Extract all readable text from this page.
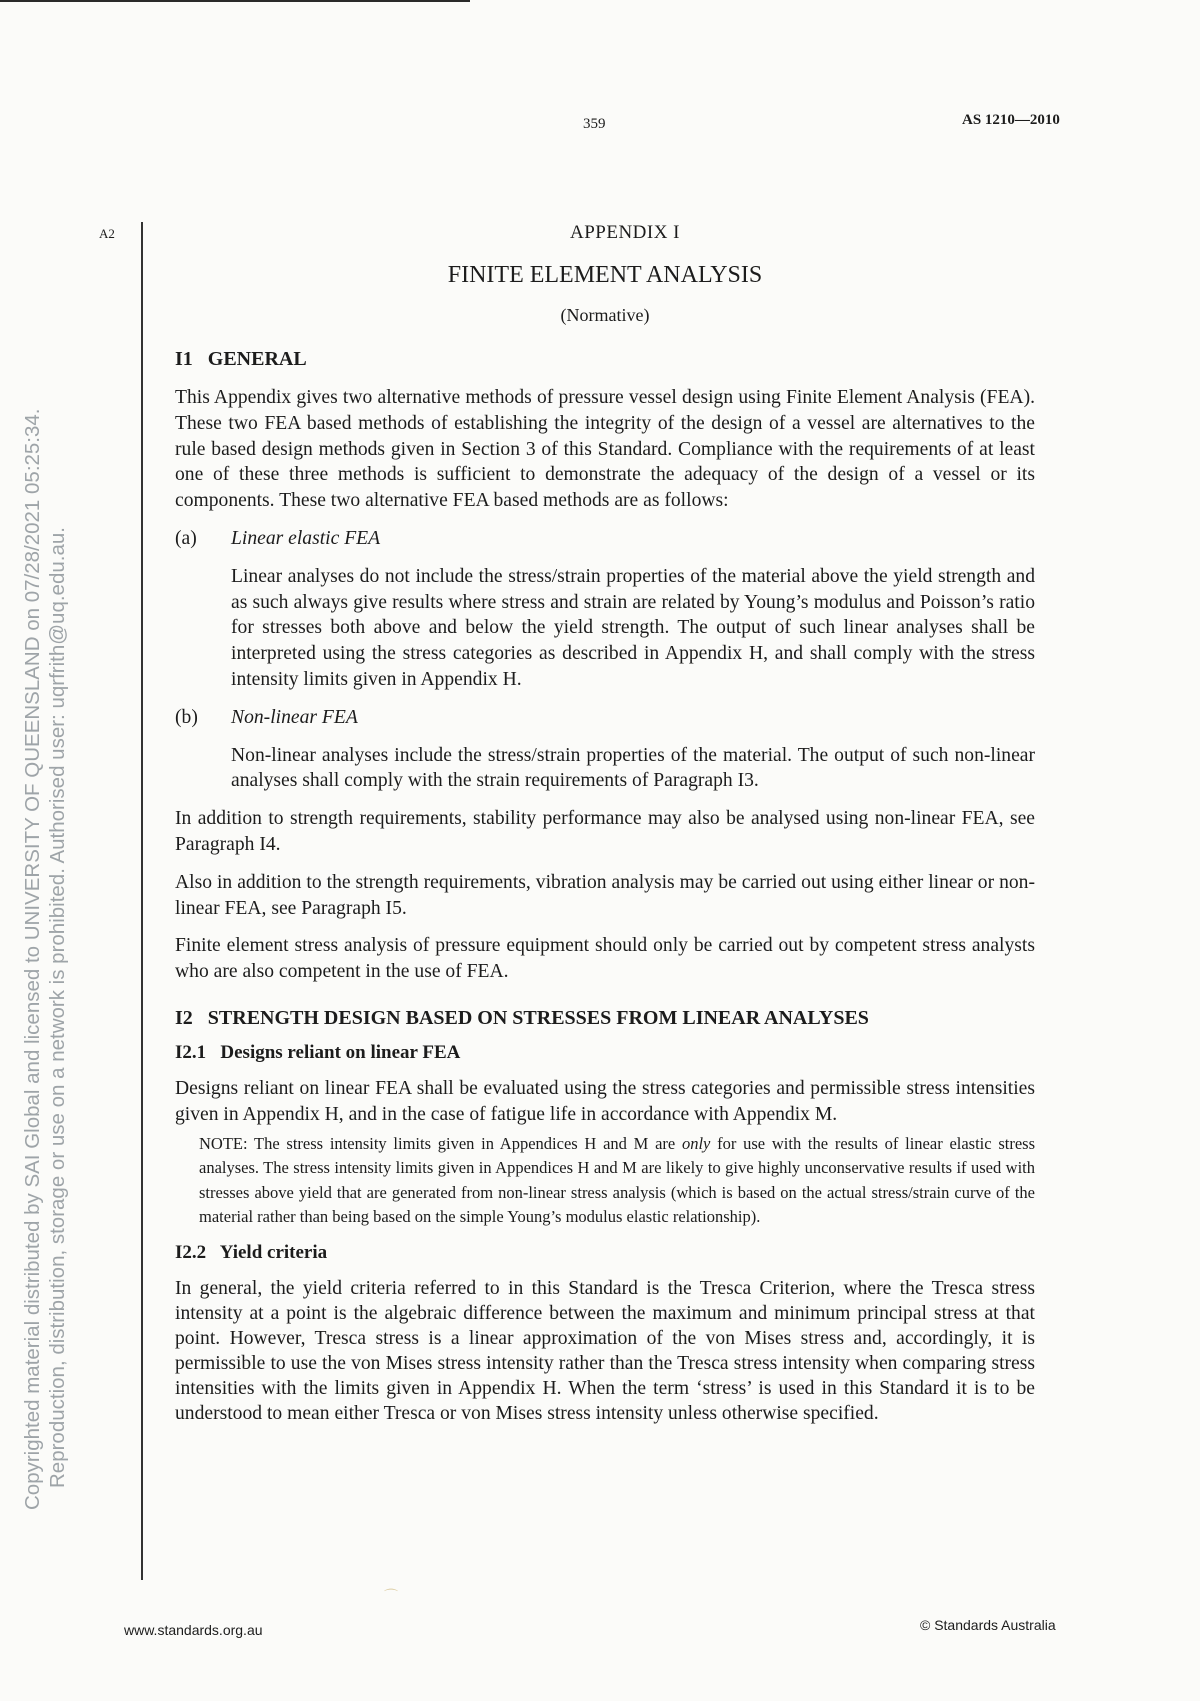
359	AS 1210—2010
A2
Copyrighted material distributed by SAI Global and licensed to UNIVERSITY OF QUEENSLAND on 07/28/2021 05:25:34. Reproduction, distribution, storage or use on a network is prohibited. Authorised user: uqrfrith@uq.edu.au.
APPENDIX I
FINITE ELEMENT ANALYSIS
(Normative)
I1   GENERAL

This Appendix gives two alternative methods of pressure vessel design using Finite Element Analysis (FEA). These two FEA based methods of establishing the integrity of the design of a vessel are alternatives to the rule based design methods given in Section 3 of this Standard. Compliance with the requirements of at least one of these three methods is sufficient to demonstrate the adequacy of the design of a vessel or its components. These two alternative FEA based methods are as follows:

(a)	Linear elastic FEA

Linear analyses do not include the stress/strain properties of the material above the yield strength and as such always give results where stress and strain are related by Young’s modulus and Poisson’s ratio for stresses both above and below the yield strength. The output of such linear analyses shall be interpreted using the stress categories as described in Appendix H, and shall comply with the stress intensity limits given in Appendix H.

(b)	Non-linear FEA

Non-linear analyses include the stress/strain properties of the material. The output of such non-linear analyses shall comply with the strain requirements of Paragraph I3.

In addition to strength requirements, stability performance may also be analysed using non-linear FEA, see Paragraph I4.

Also in addition to the strength requirements, vibration analysis may be carried out using either linear or non-linear FEA, see Paragraph I5.

Finite element stress analysis of pressure equipment should only be carried out by competent stress analysts who are also competent in the use of FEA.

I2   STRENGTH DESIGN BASED ON STRESSES FROM LINEAR ANALYSES
I2.1   Designs reliant on linear FEA

Designs reliant on linear FEA shall be evaluated using the stress categories and permissible stress intensities given in Appendix H, and in the case of fatigue life in accordance with Appendix M.

NOTE: The stress intensity limits given in Appendices H and M are only for use with the results of linear elastic stress analyses. The stress intensity limits given in Appendices H and M are likely to give highly unconservative results if used with stresses above yield that are generated from non-linear stress analysis (which is based on the actual stress/strain curve of the material rather than being based on the simple Young’s modulus elastic relationship).
I2.2   Yield criteria

In general, the yield criteria referred to in this Standard is the Tresca Criterion, where the Tresca stress intensity at a point is the algebraic difference between the maximum and minimum principal stress at that point. However, Tresca stress is a linear approximation of the von Mises stress and, accordingly, it is permissible to use the von Mises stress intensity rather than the Tresca stress intensity when comparing stress intensities with the limits given in Appendix H. When the term ‘stress’ is used in this Standard it is to be understood to mean either Tresca or von Mises stress intensity unless otherwise specified.

⌒
www.standards.org.au	© Standards Australia
